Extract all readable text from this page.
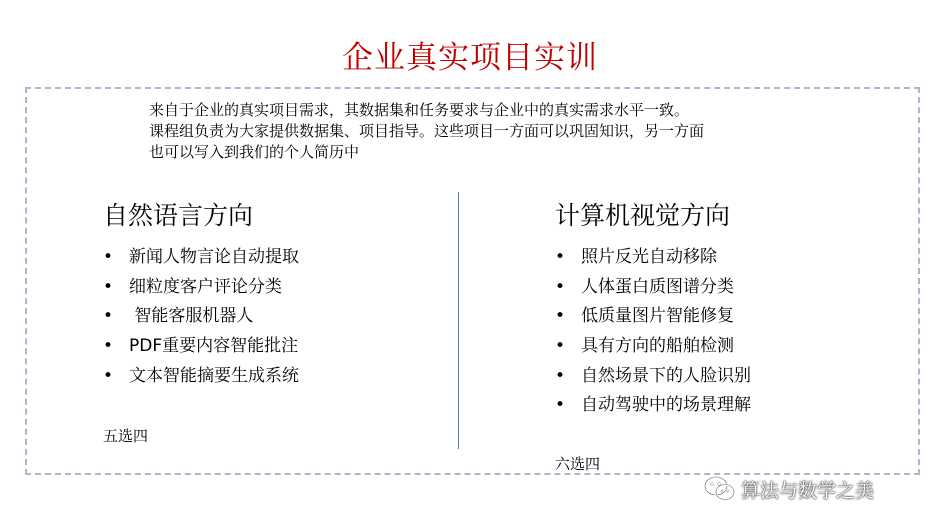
企业真实项目实训
来自于企业的真实项目需求，其数据集和任务要求与企业中的真实需求水平一致。
课程组负责为大家提供数据集、项目指导。这些项目一方面可以巩固知识，另一方面
也可以写入到我们的个人简历中
自然语言方向	计算机视觉方向
• 新闻人物言论自动提取
• 细粒度客户评论分类
• 智能客服机器人
• PDF重要内容智能批注
• 文本智能摘要生成系统
• 照片反光自动移除
• 人体蛋白质图谱分类
• 低质量图片智能修复
• 具有方向的船舶检测
• 自然场景下的人脸识别
• 自动驾驶中的场景理解
五选四
六选四
算法与数学之美
